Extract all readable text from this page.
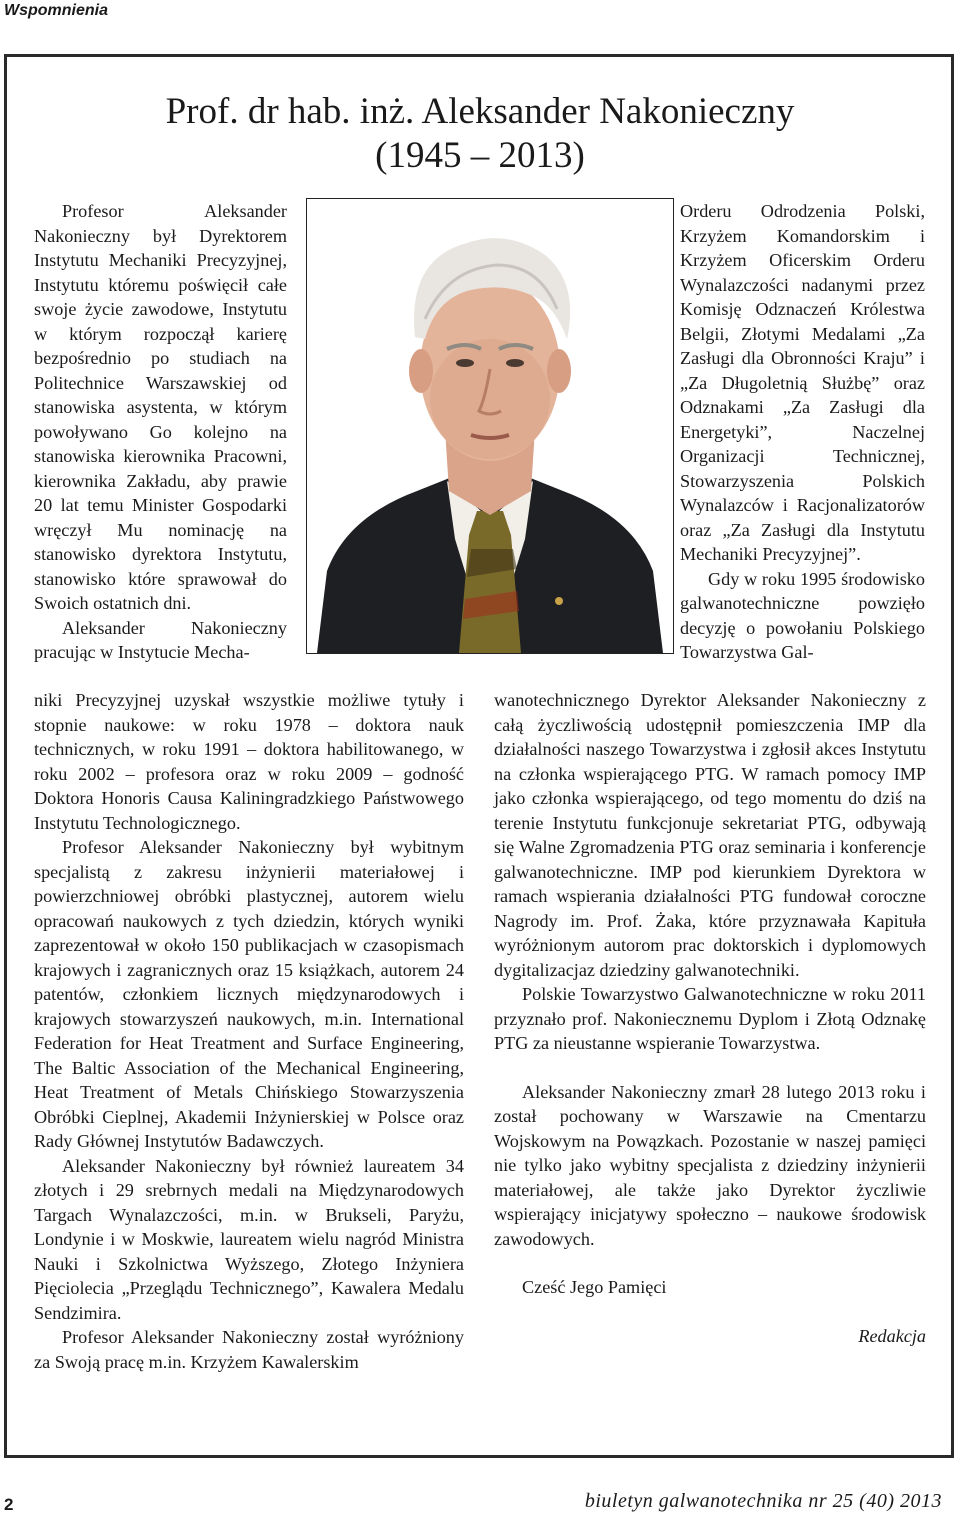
Wspomnienia
Prof. dr hab. inż. Aleksander Nakonieczny
(1945 – 2013)

Profesor Aleksander Nakonieczny był Dyrektorem Instytutu Mechaniki Precyzyjnej, Instytutu któremu poświęcił całe swoje życie zawodowe, Instytutu w którym rozpoczął karierę bezpośrednio po studiach na Politechnice Warszawskiej od stanowiska asystenta, w którym powoływano Go kolejno na stanowiska kierownika Pracowni, kierownika Zakładu, aby prawie 20 lat temu Minister Gospodarki wręczył Mu nominację na stanowisko dyrektora Instytutu, stanowisko które sprawował do Swoich ostatnich dni.

Aleksander Nakonieczny pracując w Instytucie Mecha-

niki Precyzyjnej uzyskał wszystkie możliwe tytuły i stopnie naukowe: w roku 1978 – doktora nauk technicznych, w roku 1991 – doktora habilitowanego, w roku 2002 – profesora oraz w roku 2009 – godność Doktora Honoris Causa Kaliningradzkiego Państwowego Instytutu Technologicznego.

Profesor Aleksander Nakonieczny był wybitnym specjalistą z zakresu inżynierii materiałowej i powierzchniowej obróbki plastycznej, autorem wielu opracowań naukowych z tych dziedzin, których wyniki zaprezentował w około 150 publikacjach w czasopismach krajowych i zagranicznych oraz 15 książkach, autorem 24 patentów, członkiem licznych międzynarodowych i krajowych stowarzyszeń naukowych, m.in. International Federation for Heat Treatment and Surface Engineering, The Baltic Association of the Mechanical Engineering, Heat Treatment of Metals Chińskiego Stowarzyszenia Obróbki Cieplnej, Akademii Inżynierskiej w Polsce oraz Rady Głównej Instytutów Badawczych.

Aleksander Nakonieczny był również laureatem 34 złotych i 29 srebrnych medali na Międzynarodowych Targach Wynalazczości, m.in. w Brukseli, Paryżu, Londynie i w Moskwie, laureatem wielu nagród Ministra Nauki i Szkolnictwa Wyższego, Złotego Inżyniera Pięciolecia „Przeglądu Technicznego”, Kawalera Medalu Sendzimira.

Profesor Aleksander Nakonieczny został wyróżniony za Swoją pracę m.in. Krzyżem Kawalerskim

Orderu Odrodzenia Polski, Krzyżem Komandorskim i Krzyżem Oficerskim Orderu Wynalazczości nadanymi przez Komisję Odznaczeń Królestwa Belgii, Złotymi Medalami „Za Zasługi dla Obronności Kraju” i „Za Długoletnią Służbę” oraz Odznakami „Za Zasługi dla Energetyki”, Naczelnej Organizacji Technicznej, Stowarzyszenia Polskich Wynalazców i Racjonalizatorów oraz „Za Zasługi dla Instytutu Mechaniki Precyzyjnej”.

Gdy w roku 1995 środowisko galwanotechniczne powzięło decyzję o powołaniu Polskiego Towarzystwa Gal-

wanotechnicznego Dyrektor Aleksander Nakonieczny z całą życzliwością udostępnił pomieszczenia IMP dla działalności naszego Towarzystwa i zgłosił akces Instytutu na członka wspierającego PTG. W ramach pomocy IMP jako członka wspierającego, od tego momentu do dziś na terenie Instytutu funkcjonuje sekretariat PTG, odbywają się Walne Zgromadzenia PTG oraz seminaria i konferencje galwanotechniczne. IMP pod kierunkiem Dyrektora w ramach wspierania działalności PTG fundował coroczne Nagrody im. Prof. Żaka, które przyznawała Kapituła wyróżnionym autorom prac doktorskich i dyplomowych dygitalizacjaz dziedziny galwanotechniki.

Polskie Towarzystwo Galwanotechniczne w roku 2011 przyznało prof. Nakoniecznemu Dyplom i Złotą Odznakę PTG za nieustanne wspieranie Towarzystwa.

Aleksander Nakonieczny zmarł 28 lutego 2013 roku i został pochowany w Warszawie na Cmentarzu Wojskowym na Powązkach. Pozostanie w naszej pamięci nie tylko jako wybitny specjalista z dziedziny inżynierii materiałowej, ale także jako Dyrektor życzliwie wspierający inicjatywy społeczno – naukowe środowisk zawodowych.

Cześć Jego Pamięci

Redakcja

2	biuletyn galwanotechnika nr 25 (40) 2013
